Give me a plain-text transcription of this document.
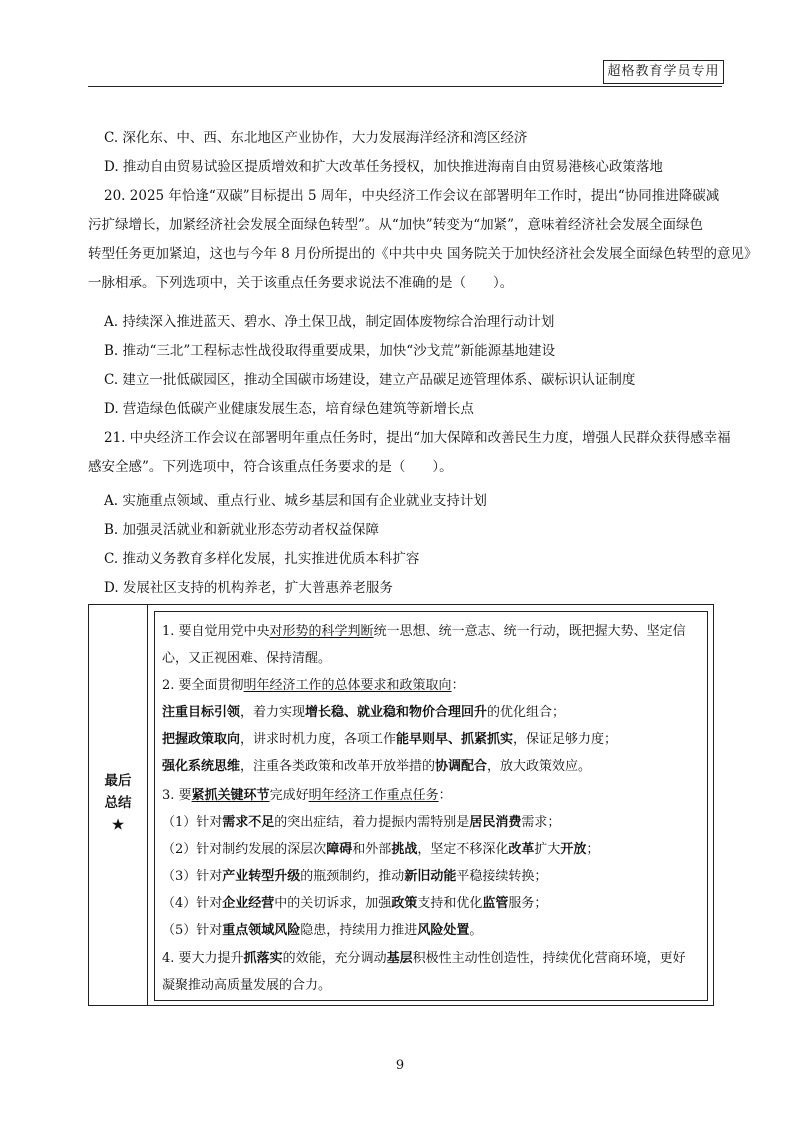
超格教育学员专用
C. 深化东、中、西、东北地区产业协作，大力发展海洋经济和湾区经济
D. 推动自由贸易试验区提质增效和扩大改革任务授权，加快推进海南自由贸易港核心政策落地
20. 2025 年恰逢“双碳”目标提出 5 周年，中央经济工作会议在部署明年工作时，提出“协同推进降碳减
污扩绿增长，加紧经济社会发展全面绿色转型”。从“加快”转变为“加紧”，意味着经济社会发展全面绿色
转型任务更加紧迫，这也与今年 8 月份所提出的《中共中央 国务院关于加快经济社会发展全面绿色转型的意见》
一脉相承。下列选项中，关于该重点任务要求说法不准确的是（　　）。
A. 持续深入推进蓝天、碧水、净土保卫战，制定固体废物综合治理行动计划
B. 推动“三北”工程标志性战役取得重要成果，加快“沙戈荒”新能源基地建设
C. 建立一批低碳园区，推动全国碳市场建设，建立产品碳足迹管理体系、碳标识认证制度
D. 营造绿色低碳产业健康发展生态，培育绿色建筑等新增长点
21. 中央经济工作会议在部署明年重点任务时，提出“加大保障和改善民生力度，增强人民群众获得感幸福
感安全感”。下列选项中，符合该重点任务要求的是（　　）。
A. 实施重点领域、重点行业、城乡基层和国有企业就业支持计划
B. 加强灵活就业和新就业形态劳动者权益保障
C. 推动义务教育多样化发展，扎实推进优质本科扩容
D. 发展社区支持的机构养老，扩大普惠养老服务
最后
总结
★
1. 要自觉用党中央对形势的科学判断统一思想、统一意志、统一行动，既把握大势、坚定信
心，又正视困难、保持清醒。
2. 要全面贯彻明年经济工作的总体要求和政策取向：
注重目标引领，着力实现增长稳、就业稳和物价合理回升的优化组合；
把握政策取向，讲求时机力度，各项工作能早则早、抓紧抓实，保证足够力度；
强化系统思维，注重各类政策和改革开放举措的协调配合，放大政策效应。
3. 要紧抓关键环节完成好明年经济工作重点任务：
（1）针对需求不足的突出症结，着力提振内需特别是居民消费需求；
（2）针对制约发展的深层次障碍和外部挑战，坚定不移深化改革扩大开放；
（3）针对产业转型升级的瓶颈制约，推动新旧动能平稳接续转换；
（4）针对企业经营中的关切诉求，加强政策支持和优化监管服务；
（5）针对重点领域风险隐患，持续用力推进风险处置。
4. 要大力提升抓落实的效能，充分调动基层积极性主动性创造性，持续优化营商环境，更好
凝聚推动高质量发展的合力。
9
